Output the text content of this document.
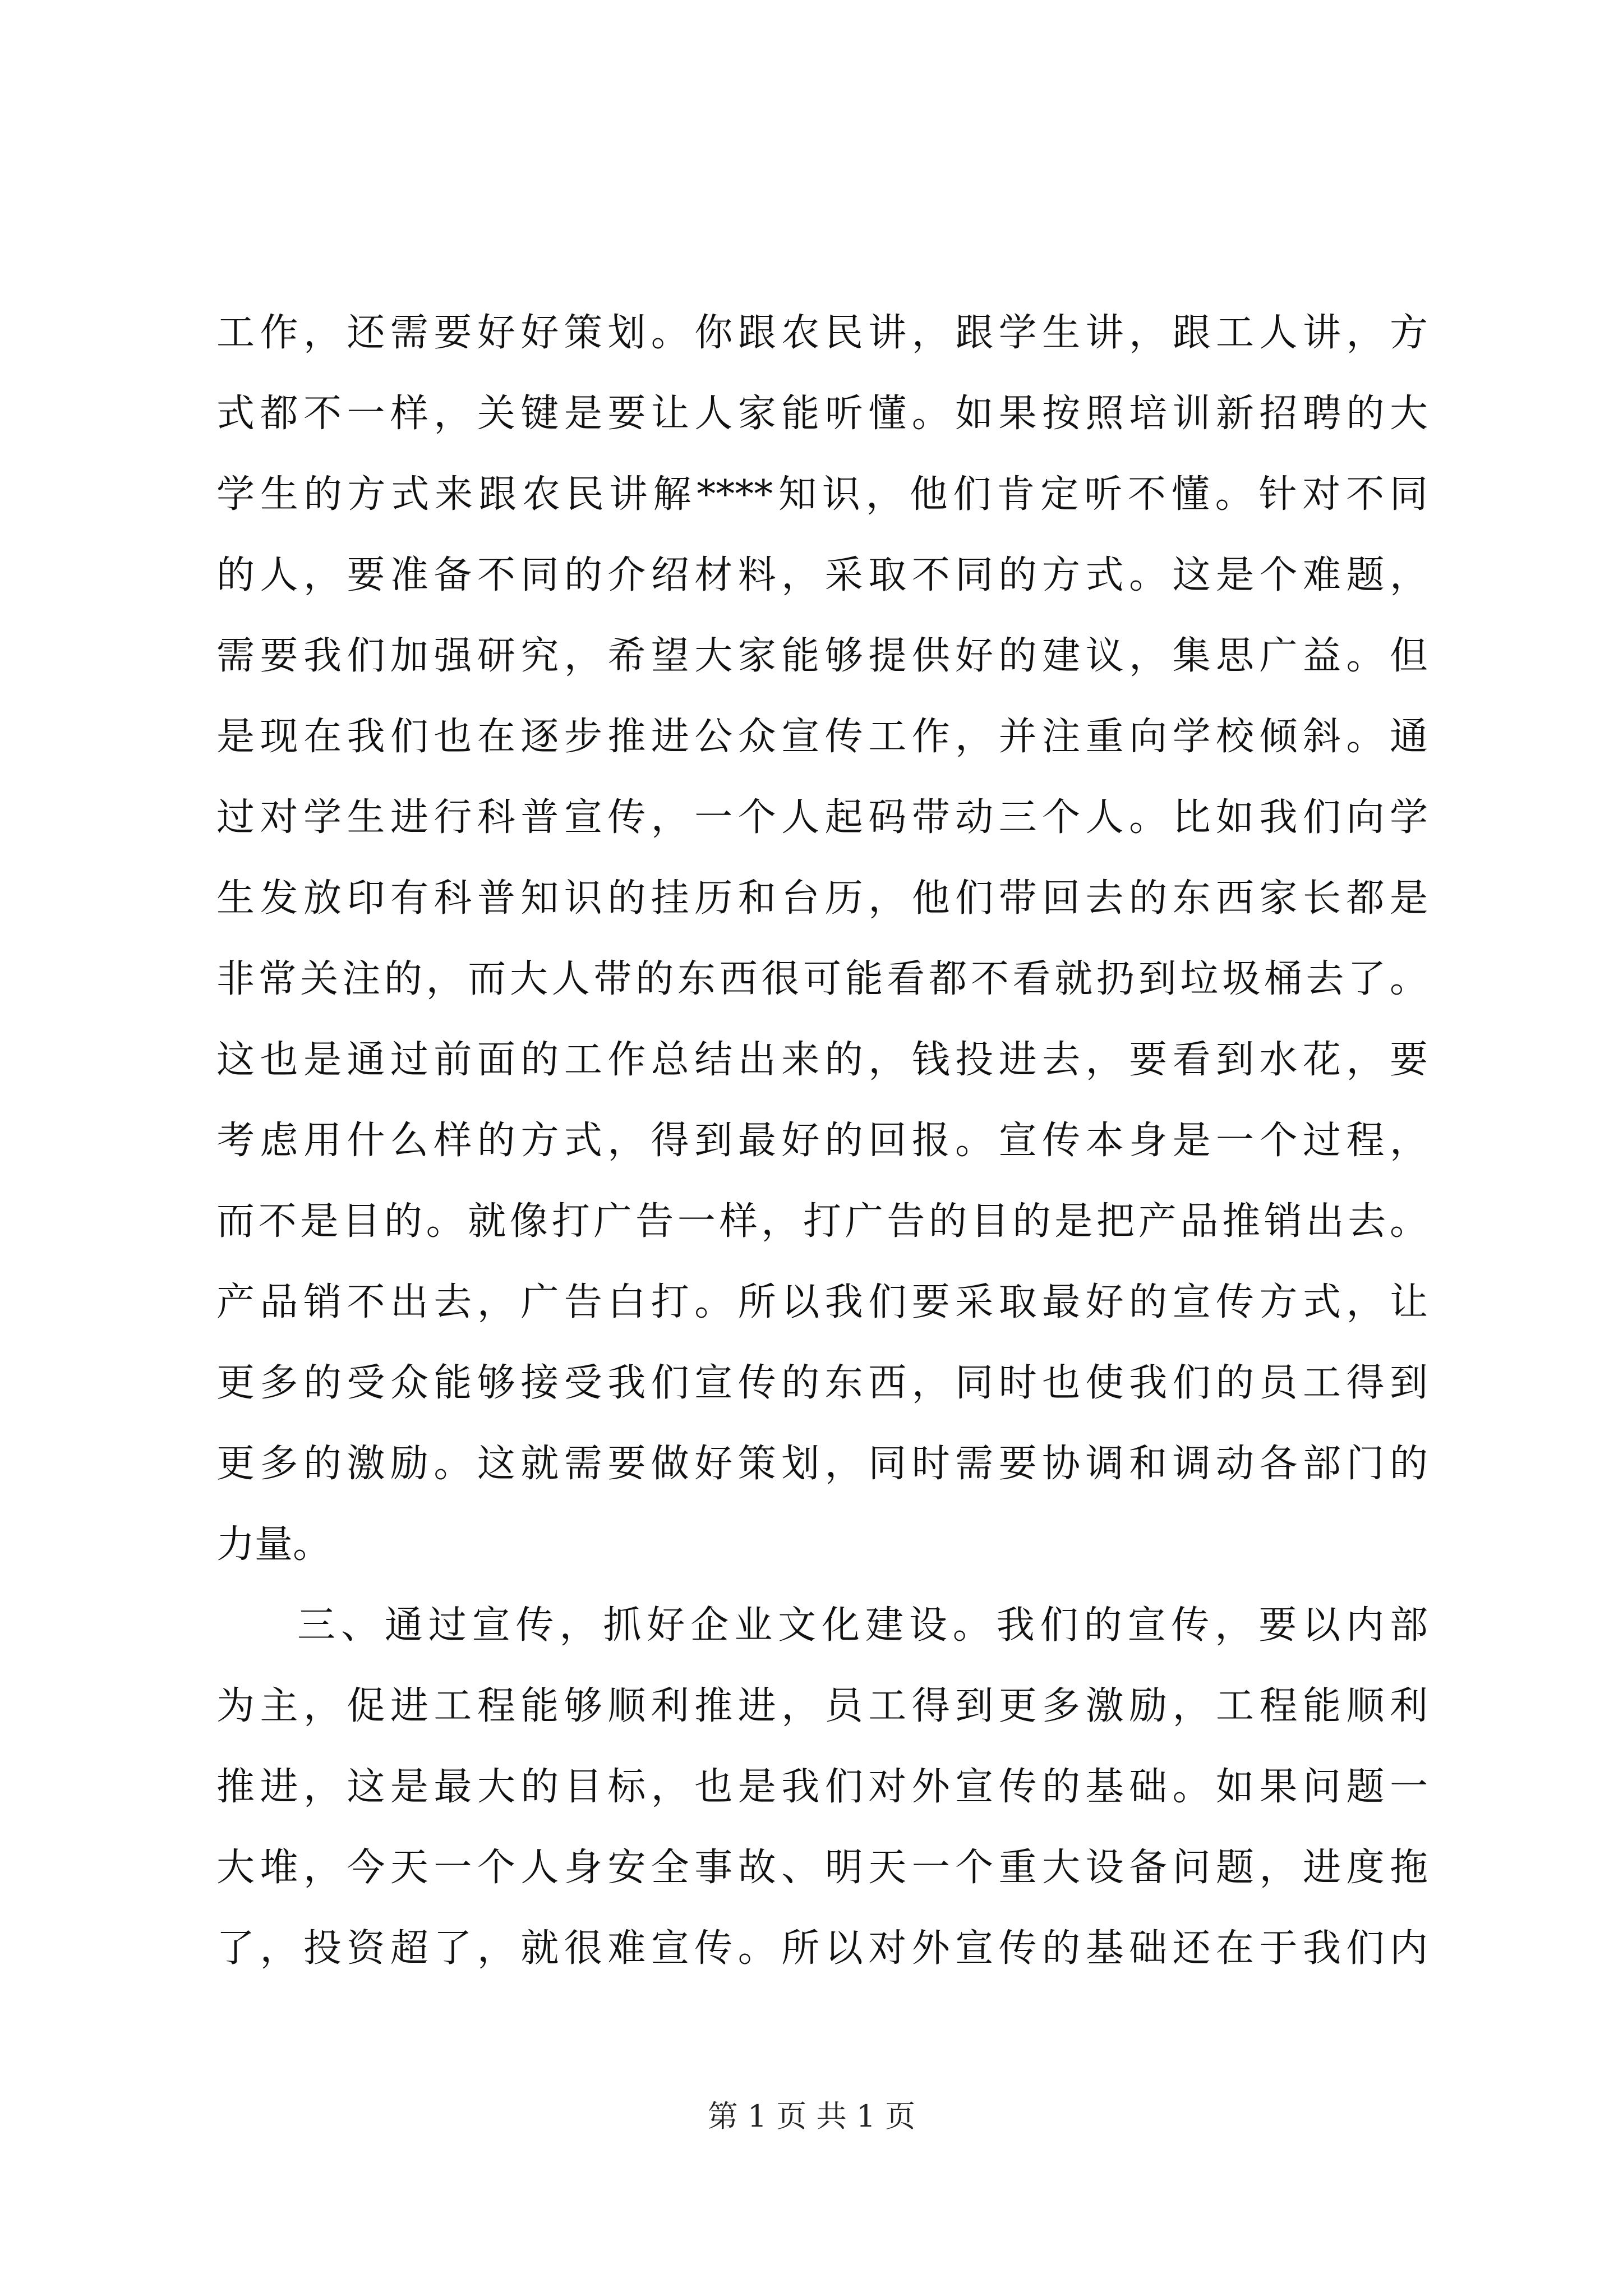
工作，还需要好好策划。你跟农民讲，跟学生讲，跟工人讲，方
式都不一样，关键是要让人家能听懂。如果按照培训新招聘的大
学生的方式来跟农民讲解****知识，他们肯定听不懂。针对不同
的人，要准备不同的介绍材料，采取不同的方式。这是个难题，
需要我们加强研究，希望大家能够提供好的建议，集思广益。但
是现在我们也在逐步推进公众宣传工作，并注重向学校倾斜。通
过对学生进行科普宣传，一个人起码带动三个人。比如我们向学
生发放印有科普知识的挂历和台历，他们带回去的东西家长都是
非常关注的，而大人带的东西很可能看都不看就扔到垃圾桶去了。
这也是通过前面的工作总结出来的，钱投进去，要看到水花，要
考虑用什么样的方式，得到最好的回报。宣传本身是一个过程，
而不是目的。就像打广告一样，打广告的目的是把产品推销出去。
产品销不出去，广告白打。所以我们要采取最好的宣传方式，让
更多的受众能够接受我们宣传的东西，同时也使我们的员工得到
更多的激励。这就需要做好策划，同时需要协调和调动各部门的
力量。
三、通过宣传，抓好企业文化建设。我们的宣传，要以内部
为主，促进工程能够顺利推进，员工得到更多激励，工程能顺利
推进，这是最大的目标，也是我们对外宣传的基础。如果问题一
大堆，今天一个人身安全事故、明天一个重大设备问题，进度拖
了，投资超了，就很难宣传。所以对外宣传的基础还在于我们内
第 1 页 共 1 页
